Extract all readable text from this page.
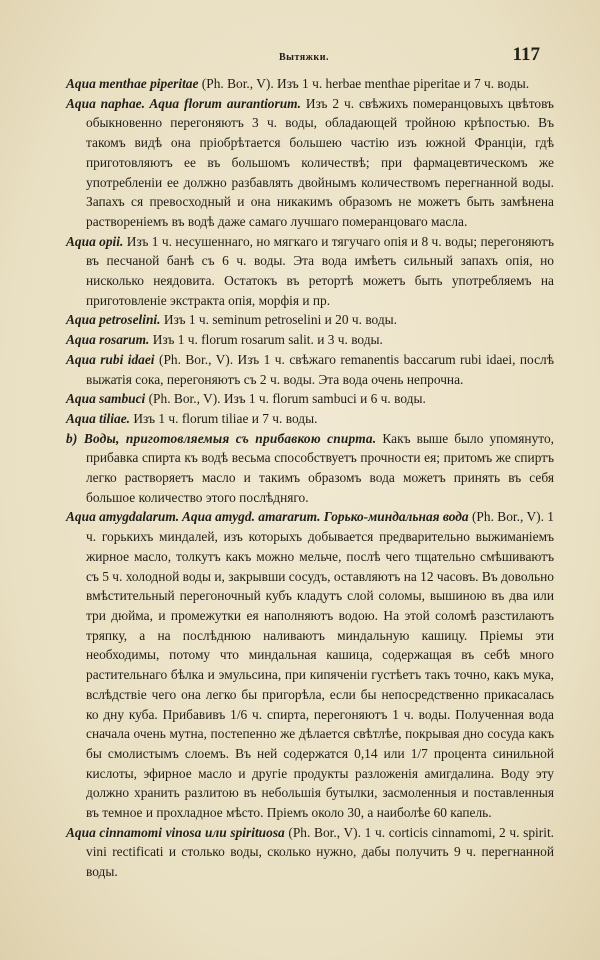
Вытяжки.	117

Aqua menthae piperitae (Ph. Bor., V). Изъ 1 ч. herbae menthae piperitae и 7 ч. воды.

Aqua naphae. Aqua florum aurantiorum. Изъ 2 ч. свѣжихъ померанцовыхъ цвѣтовъ обыкновенно перегоняютъ 3 ч. воды, обладающей тройною крѣпостью. Въ такомъ видѣ она пріобрѣтается большею частію изъ южной Франціи, гдѣ приготовляютъ ее въ большомъ количествѣ; при фармацевтическомъ же употребленіи ее должно разбавлять двойнымъ количествомъ перегнанной воды. Запахъ ся превосходный и она никакимъ образомъ не можетъ быть замѣнена раствореніемъ въ водѣ даже самаго лучшаго померанцоваго масла.

Aqua opii. Изъ 1 ч. несушеннаго, но мягкаго и тягучаго опія и 8 ч. воды; перегоняютъ въ песчаной банѣ съ 6 ч. воды. Эта вода имѣетъ сильный запахъ опія, но нисколько неядовита. Остатокъ въ ретортѣ можетъ быть употребляемъ на приготовленіе экстракта опія, морфія и пр.

Aqua petroselini. Изъ 1 ч. seminum petroselini и 20 ч. воды.

Aqua rosarum. Изъ 1 ч. florum rosarum salit. и 3 ч. воды.

Aqua rubi idaei (Ph. Bor., V). Изъ 1 ч. свѣжаго remanentis baccarum rubi idaei, послѣ выжатія сока, перегоняютъ съ 2 ч. воды. Эта вода очень непрочна.

Aqua sambuci (Ph. Bor., V). Изъ 1 ч. florum sambuci и 6 ч. воды.

Aqua tiliae. Изъ 1 ч. florum tiliae и 7 ч. воды.

b) Воды, приготовляемыя съ прибавкою спирта. Какъ выше было упомянуто, прибавка спирта къ водѣ весьма способствуетъ прочности ея; притомъ же спиртъ легко растворяетъ масло и такимъ образомъ вода можетъ принять въ себя большое количество этого послѣдняго.

Aqua amygdalarum. Aqua amygd. amararum. Горько-миндальная вода (Ph. Bor., V). 1 ч. горькихъ миндалей, изъ которыхъ добывается предварительно выжиманіемъ жирное масло, толкутъ какъ можно мельче, послѣ чего тщательно смѣшиваютъ съ 5 ч. холодной воды и, закрывши сосудъ, оставляютъ на 12 часовъ. Въ довольно вмѣстительный перегоночный кубъ кладутъ слой соломы, вышиною въ два или три дюйма, и промежутки ея наполняютъ водою. На этой соломѣ разстилаютъ тряпку, а на послѣднюю наливаютъ миндальную кашицу. Пріемы эти необходимы, потому что миндальная кашица, содержащая въ себѣ много растительнаго бѣлка и эмульсина, при кипяченіи густѣетъ такъ точно, какъ мука, вслѣдствіе чего она легко бы пригорѣла, если бы непосредственно прикасалась ко дну куба. Прибавивъ 1/6 ч. спирта, перегоняютъ 1 ч. воды. Полученная вода сначала очень мутна, постепенно же дѣлается свѣтлѣе, покрывая дно сосуда какъ бы смолистымъ слоемъ. Въ ней содержатся 0,14 или 1/7 процента синильной кислоты, эфирное масло и другіе продукты разложенія амигдалина. Воду эту должно хранить разлитою въ небольшія бутылки, засмоленныя и поставленныя въ темное и прохладное мѣсто. Пріемъ около 30, а наиболѣе 60 капель.

Aqua cinnamomi vinosa или spirituosa (Ph. Bor., V). 1 ч. corticis cinnamomi, 2 ч. spirit. vini rectificati и столько воды, сколько нужно, дабы получить 9 ч. перегнанной воды.
